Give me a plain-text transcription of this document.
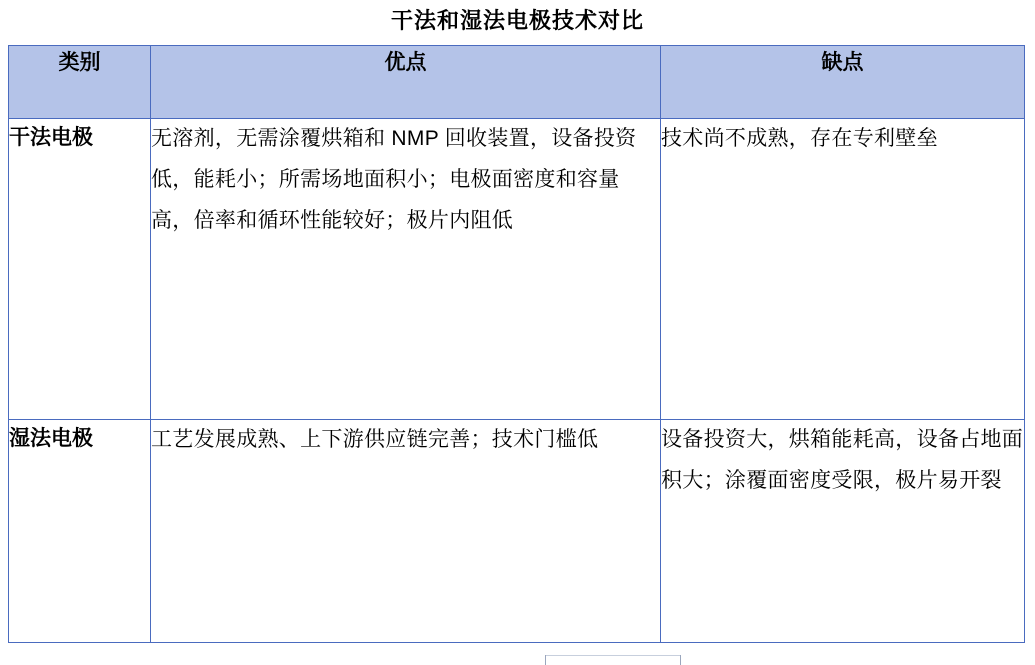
干法和湿法电极技术对比
类别	优点	缺点
干法电极	无溶剂，无需涂覆烘箱和 NMP 回收装置，设备投资低，能耗小；所需场地面积小；电极面密度和容量高，倍率和循环性能较好；极片内阻低	技术尚不成熟，存在专利壁垒
湿法电极	工艺发展成熟、上下游供应链完善；技术门槛低	设备投资大，烘箱能耗高，设备占地面积大；涂覆面密度受限，极片易开裂
